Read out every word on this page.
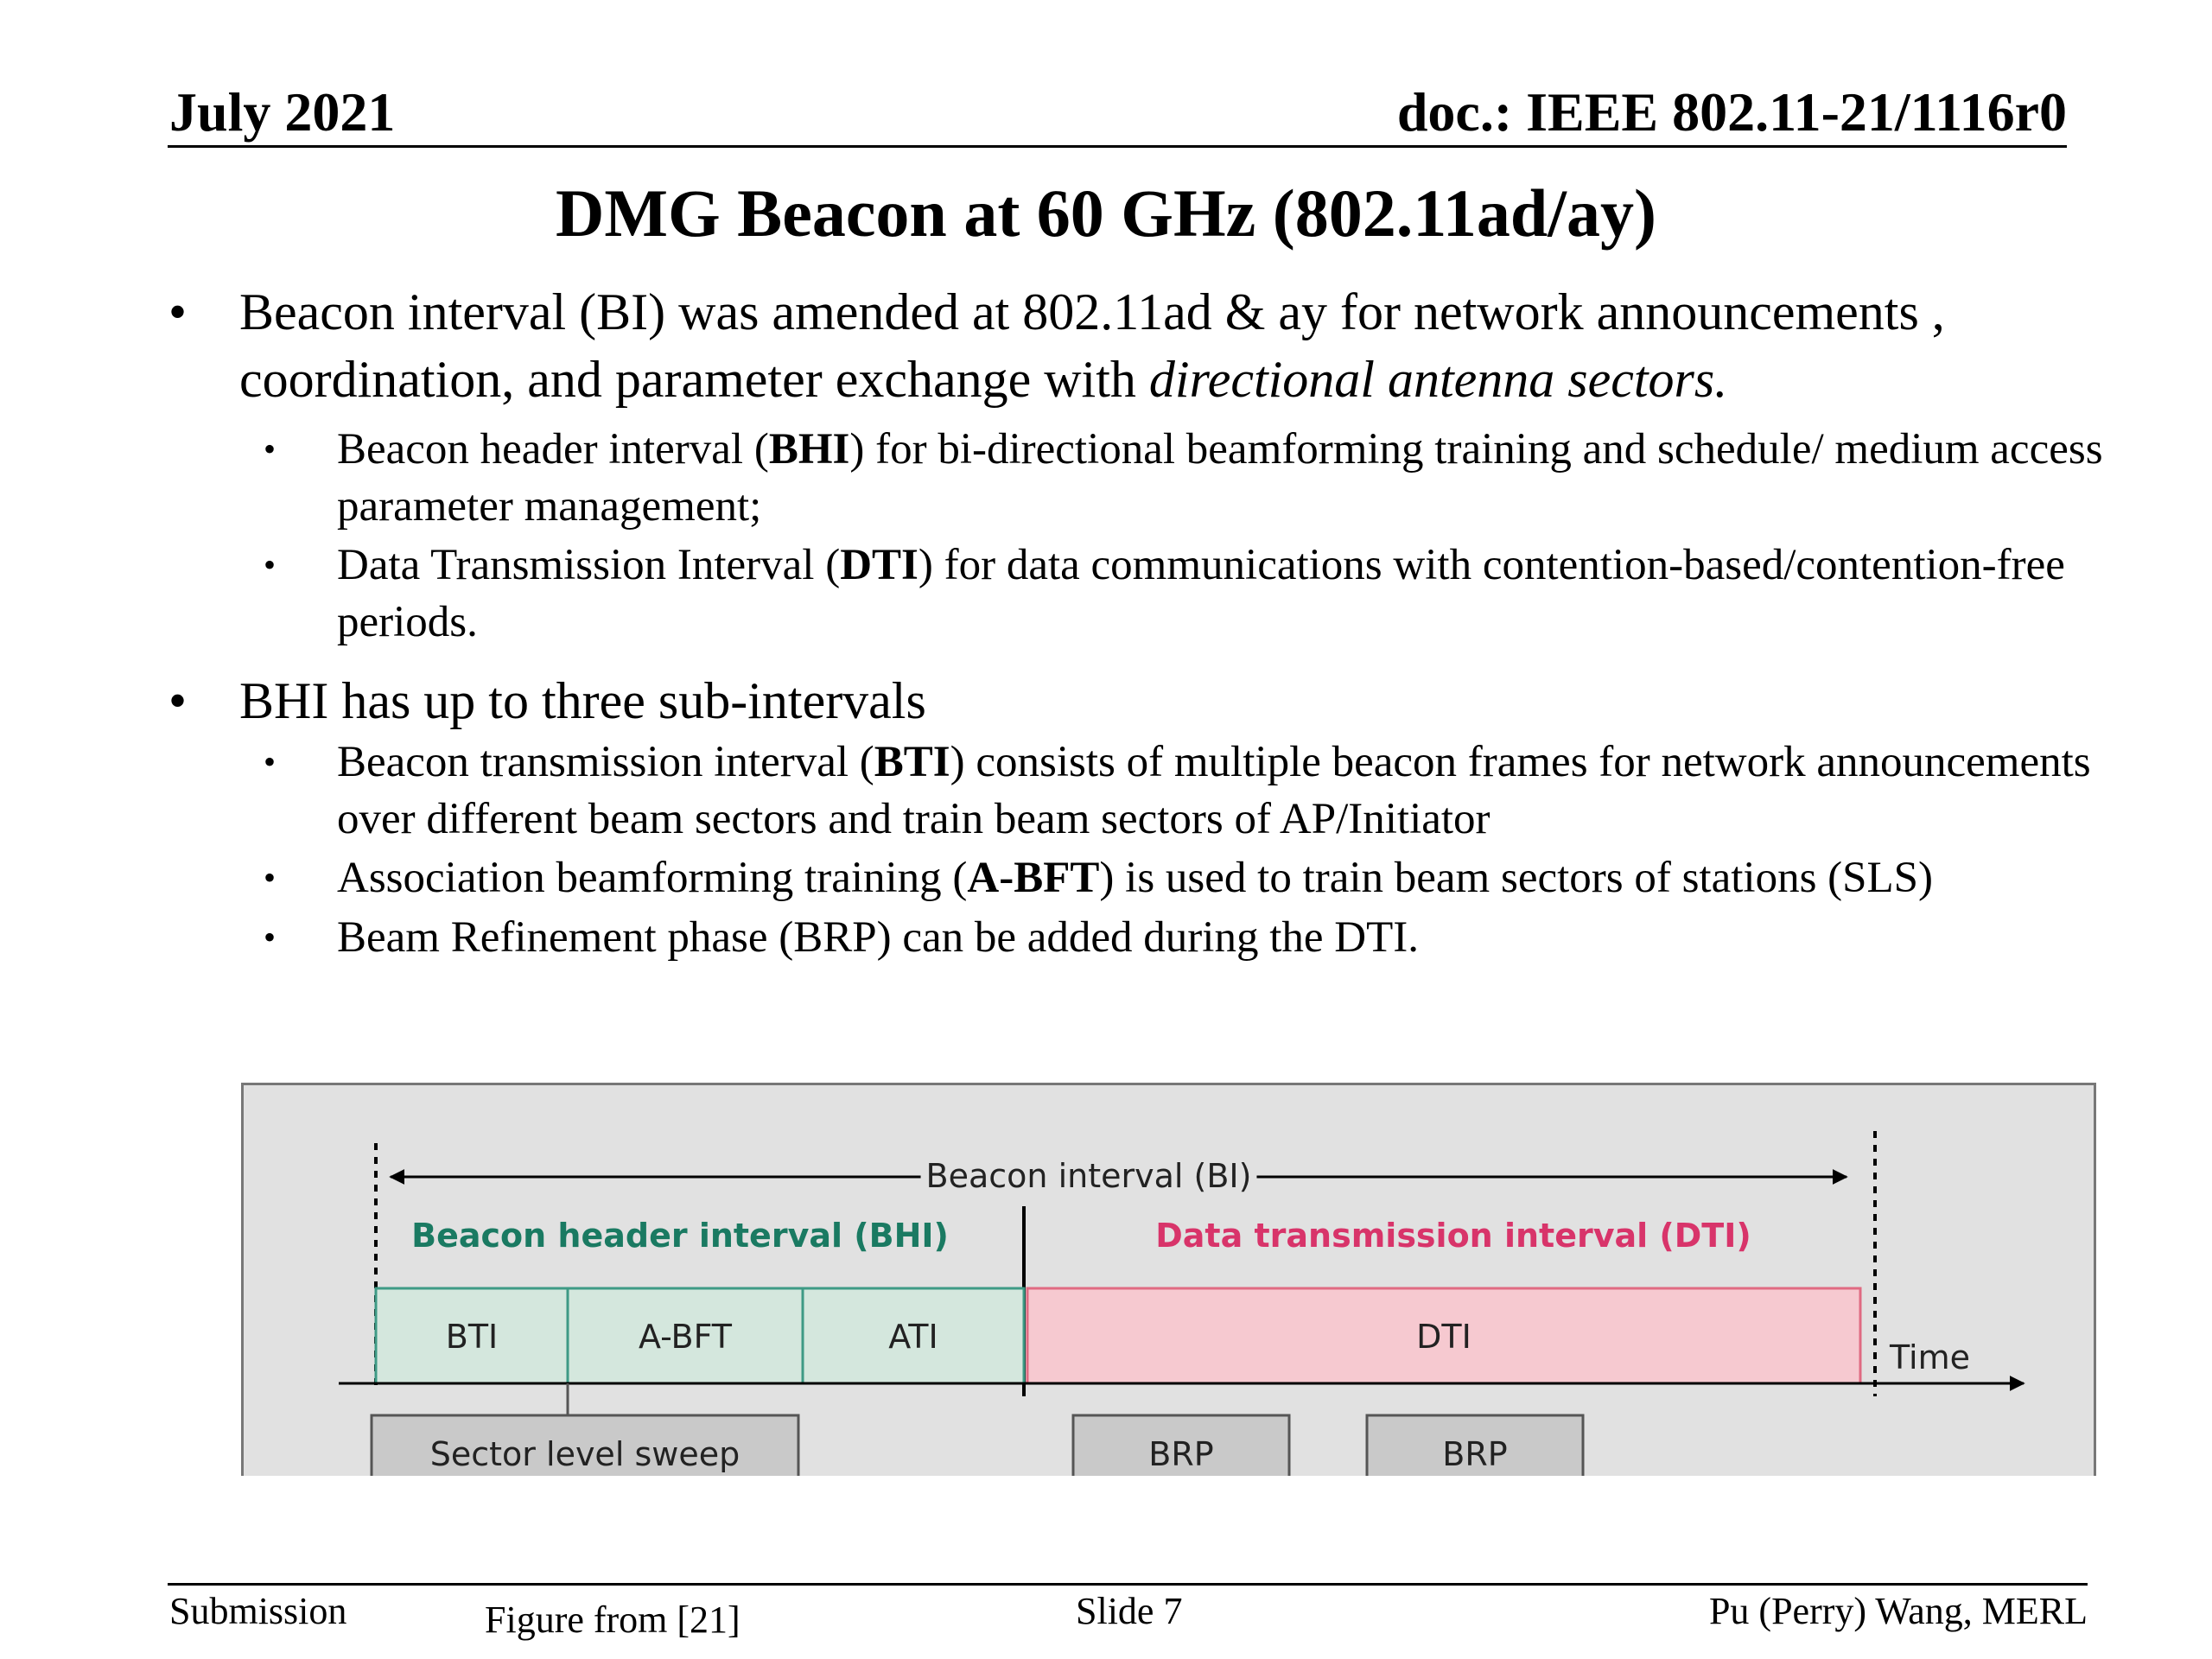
July 2021	doc.: IEEE 802.11-21/1116r0
DMG Beacon at 60 GHz (802.11ad/ay)
•	Beacon interval (BI) was amended at 802.11ad & ay for network announcements , coordination, and parameter exchange with directional antenna sectors.
•	Beacon header interval (BHI) for bi-directional beamforming training and schedule/ medium access parameter management;
•	Data Transmission Interval (DTI) for data communications with contention-based/contention-free periods.
•	BHI has up to three sub-intervals
•	Beacon transmission interval (BTI) consists of multiple beacon frames for network announcements over different beam sectors and train beam sectors of AP/Initiator
•	Association beamforming training (A-BFT) is used to train beam sectors of stations (SLS)
•	Beam Refinement phase (BRP) can be added during the DTI.
Beacon interval (BI)
Beacon header interval (BHI)	Data transmission interval (DTI)
BTI	A-BFT	ATI	DTI
Time
Sector level sweep	BRP	BRP
Submission	Figure from [21]	Slide 7	Pu (Perry) Wang, MERL
